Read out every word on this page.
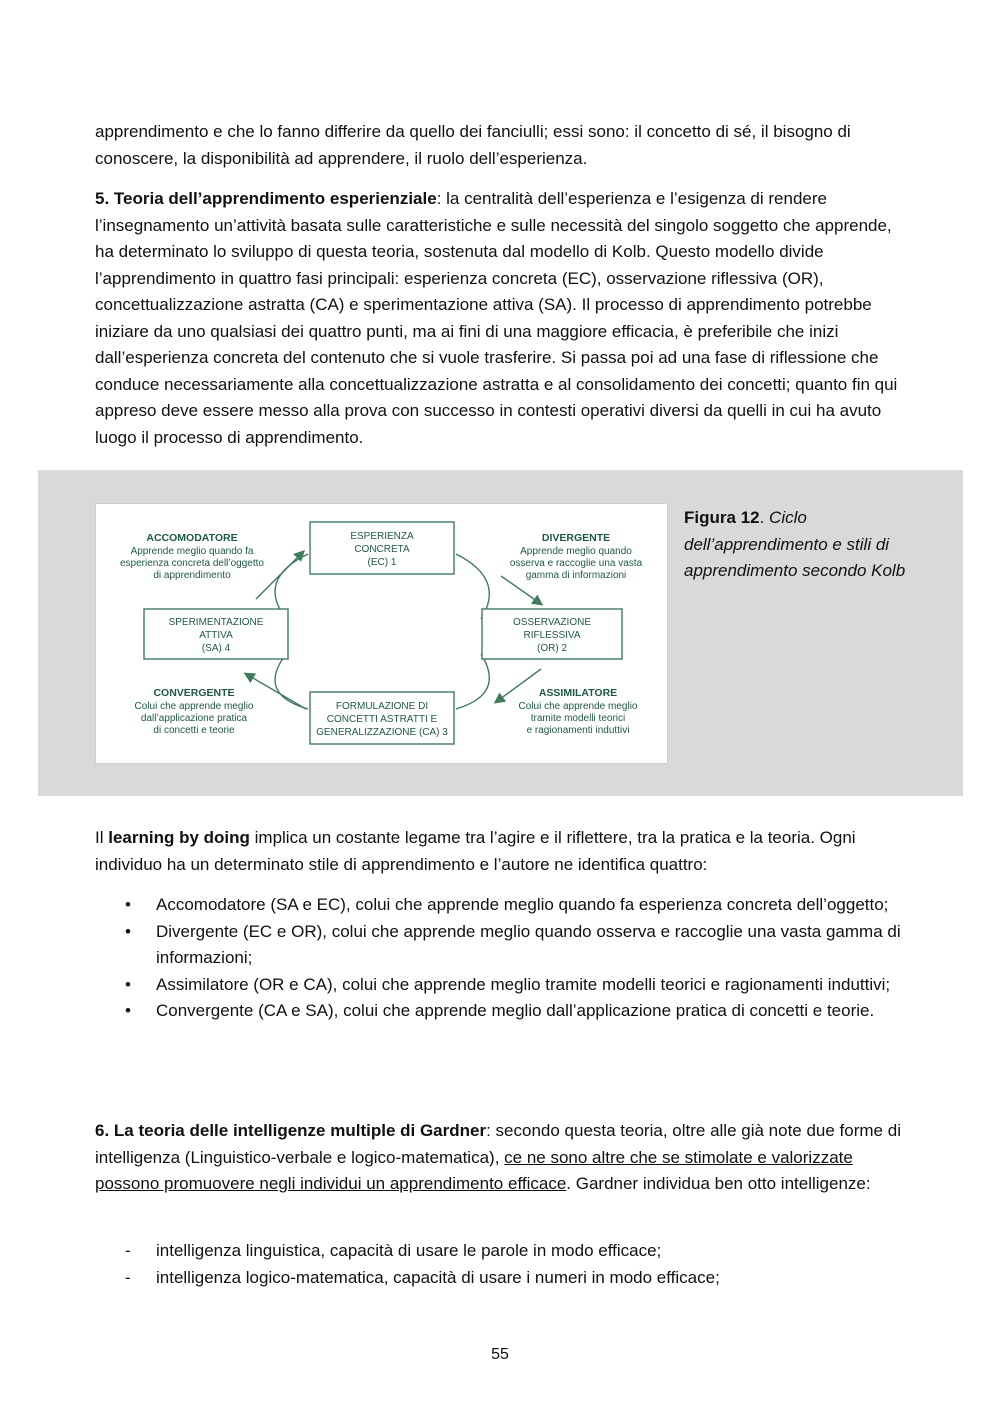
apprendimento e che lo fanno differire da quello dei fanciulli; essi sono: il concetto di sé, il bisogno di conoscere, la disponibilità ad apprendere, il ruolo dell’esperienza.

5. Teoria dell’apprendimento esperienziale: la centralità dell’esperienza e l’esigenza di rendere l’insegnamento un’attività basata sulle caratteristiche e sulle necessità del singolo soggetto che apprende, ha determinato lo sviluppo di questa teoria, sostenuta dal modello di Kolb. Questo modello divide l’apprendimento in quattro fasi principali: esperienza concreta (EC), osservazione riflessiva (OR), concettualizzazione astratta (CA) e sperimentazione attiva (SA). Il processo di apprendimento potrebbe iniziare da uno qualsiasi dei quattro punti, ma ai fini di una maggiore efficacia, è preferibile che inizi dall’esperienza concreta del contenuto che si vuole trasferire. Si passa poi ad una fase di riflessione che conduce necessariamente alla concettualizzazione astratta e al consolidamento dei concetti; quanto fin qui appreso deve essere messo alla prova con successo in contesti operativi diversi da quelli in cui ha avuto luogo il processo di apprendimento.

ESPERIENZA
CONCRETA
(EC) 1
SPERIMENTAZIONE
ATTIVA
(SA) 4
OSSERVAZIONE
RIFLESSIVA
(OR) 2
FORMULAZIONE DI
CONCETTI ASTRATTI E
GENERALIZZAZIONE (CA) 3
ACCOMODATORE
Apprende meglio quando fa
esperienza concreta dell’oggetto
di apprendimento
DIVERGENTE
Apprende meglio quando
osserva e raccoglie una vasta
gamma di informazioni
CONVERGENTE
Colui che apprende meglio
dall’applicazione pratica
di concetti e teorie
ASSIMILATORE
Colui che apprende meglio
tramite modelli teorici
e ragionamenti induttivi
Figura 12. Ciclo dell’apprendimento e stili di apprendimento secondo Kolb

Il learning by doing implica un costante legame tra l’agire e il riflettere, tra la pratica e la teoria. Ogni individuo ha un determinato stile di apprendimento e l’autore ne identifica quattro:

• Accomodatore (SA e EC), colui che apprende meglio quando fa esperienza concreta dell’oggetto;
• Divergente (EC e OR), colui che apprende meglio quando osserva e raccoglie una vasta gamma di informazioni;
• Assimilatore (OR e CA), colui che apprende meglio tramite modelli teorici e ragionamenti induttivi;
• Convergente (CA e SA), colui che apprende meglio dall’applicazione pratica di concetti e teorie.

6. La teoria delle intelligenze multiple di Gardner: secondo questa teoria, oltre alle già note due forme di intelligenza (Linguistico-verbale e logico-matematica), ce ne sono altre che se stimolate e valorizzate possono promuovere negli individui un apprendimento efficace. Gardner individua ben otto intelligenze:

- intelligenza linguistica, capacità di usare le parole in modo efficace;
- intelligenza logico-matematica, capacità di usare i numeri in modo efficace;
55
